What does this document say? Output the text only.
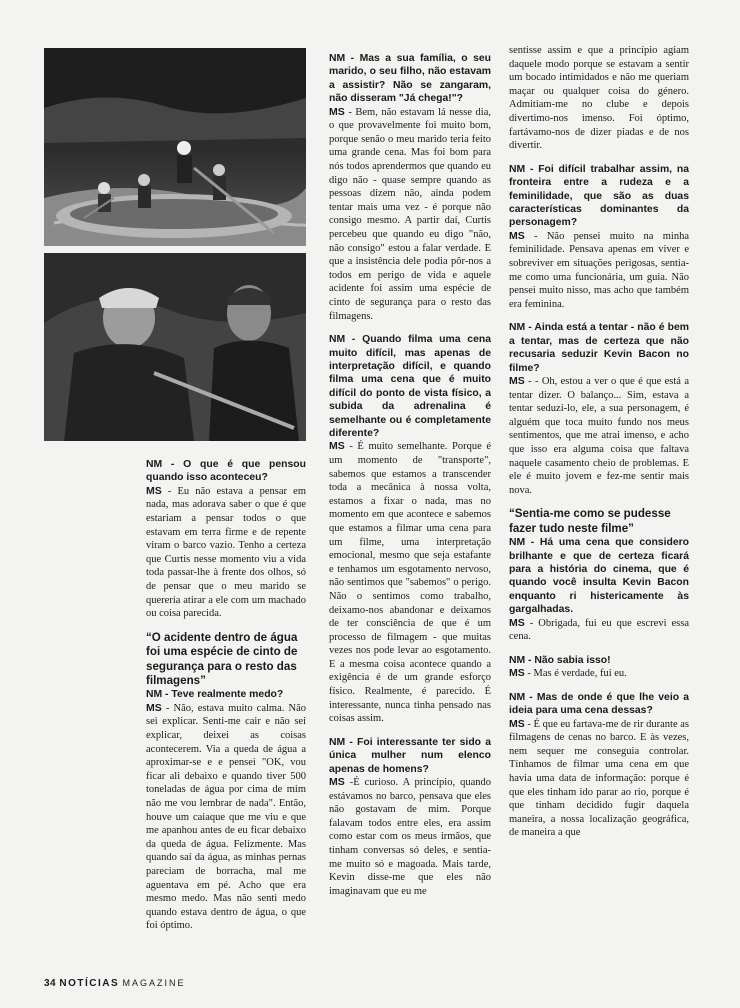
NM - O que é que pensou quando isso aconteceu?

MS - Eu não estava a pensar em nada, mas adorava saber o que é que estariam a pensar todos o que estavam em terra firme e de repente viram o barco vazio. Tenho a certeza que Curtis nesse momento viu a vida toda passar-lhe à frente dos olhos, só de pensar que o meu marido se quereria atirar a ele com um machado ou coisa parecida.

“O acidente dentro de água foi uma espécie de cinto de segurança para o resto das filmagens”

NM - Teve realmente medo?

MS - Não, estava muito calma. Não sei explicar. Senti-me cair e não sei explicar, deixei as coisas acontecerem. Via a queda de água a aproximar-se e e pensei "OK, vou ficar ali debaixo e quando tiver 500 toneladas de água por cima de mim não me vou lembrar de nada". Então, houve um caiaque que me viu e que me apanhou antes de eu ficar debaixo da queda de água. Felizmente. Mas quando saí da água, as minhas pernas pareciam de borracha, mal me aguentava em pé. Acho que era mesmo medo. Mas não senti medo quando estava dentro de água, o que foi óptimo.

NM - Mas a sua família, o seu marido, o seu filho, não estavam a assistir? Não se zangaram, não disseram "Já chega!"?

MS - Bem, não estavam lá nesse dia, o que provavelmente foi muito bom, porque senão o meu marido teria feito uma grande cena. Mas foi bom para nós todos aprendermos que quando eu digo não - quase sempre quando as pessoas dizem não, ainda podem tentar mais uma vez - é porque não consigo mesmo. A partir daí, Curtis percebeu que quando eu digo "não, não consigo" estou a falar verdade. E que a insistência dele podia pôr-nos a todos em perigo de vida e aquele acidente foi assim uma espécie de cinto de segurança para o resto das filmagens.

NM - Quando filma uma cena muito difícil, mas apenas de interpretação difícil, e quando filma uma cena que é muito difícil do ponto de vista físico, a subida da adrenalina é semelhante ou é completamente diferente?

MS - É muito semelhante. Porque é um momento de "transporte", sabemos que estamos a transcender toda a mecânica à nossa volta, estamos a fixar o nada, mas no momento em que acontece e sabemos que estamos a filmar uma cena para um filme, uma interpretação emocional, mesmo que seja estafante e tenhamos um esgotamento nervoso, não sentimos que "sabemos" o perigo. Não o sentimos como trabalho, deixamo-nos abandonar e deixamos de ter consciência de que é um processo de filmagem - que muitas vezes nos pode levar ao esgotamento. E a mesma coisa acontece quando a exigência é de um grande esforço físico. Realmente, é parecido. É interessante, nunca tinha pensado nas coisas assim.

NM - Foi interessante ter sido a única mulher num elenco apenas de homens?

MS -É curioso. A princípio, quando estávamos no barco, pensava que eles não gostavam de mim. Porque falavam todos entre eles, era assim como estar com os meus irmãos, que tinham conversas só deles, e sentia-me muito só e magoada. Mais tarde, Kevin disse-me que eles não imaginavam que eu me

sentisse assim e que a princípio agiam daquele modo porque se estavam a sentir um bocado intimidados e não me queriam maçar ou qualquer coisa do género. Admitiam-me no clube e depois divertimo-nos imenso. Foi óptimo, fartávamo-nos de dizer piadas e de nos divertir.

NM - Foi difícil trabalhar assim, na fronteira entre a rudeza e a feminilidade, que são as duas características dominantes da personagem?

MS - Não pensei muito na minha feminilidade. Pensava apenas em viver e sobreviver em situações perigosas, sentia-me como uma funcionária, um guia. Não pensei muito nisso, mas acho que também era feminina.

NM - Ainda está a tentar - não é bem a tentar, mas de certeza que não recusaria seduzir Kevin Bacon no filme?

MS - - Oh, estou a ver o que é que está a tentar dizer. O balanço... Sim, estava a tentar seduzi-lo, ele, a sua personagem, é alguém que toca muito fundo nos meus sentimentos, que me atrai imenso, e acho que isso era alguma coisa que faltava naquele casamento cheio de problemas. E ele é muito jovem e fez-me sentir mais nova.

“Sentia-me como se pudesse fazer tudo neste filme”

NM - Há uma cena que considero brilhante e que de certeza ficará para a história do cinema, que é quando você insulta Kevin Bacon enquanto ri histericamente às gargalhadas.

MS - Obrigada, fui eu que escrevi essa cena.

NM - Não sabia isso!

MS - Mas é verdade, fui eu.

NM - Mas de onde é que lhe veio a ideia para uma cena dessas?

MS - É que eu fartava-me de rir durante as filmagens de cenas no barco. E às vezes, nem sequer me conseguia controlar. Tínhamos de filmar uma cena em que havia uma data de informação: porque é que eles tinham ido parar ao rio, porque é que tinham decidido fugir daquela maneira, a nossa localização geográfica, de maneira a que

34 NOTÍCIAS MAGAZINE
